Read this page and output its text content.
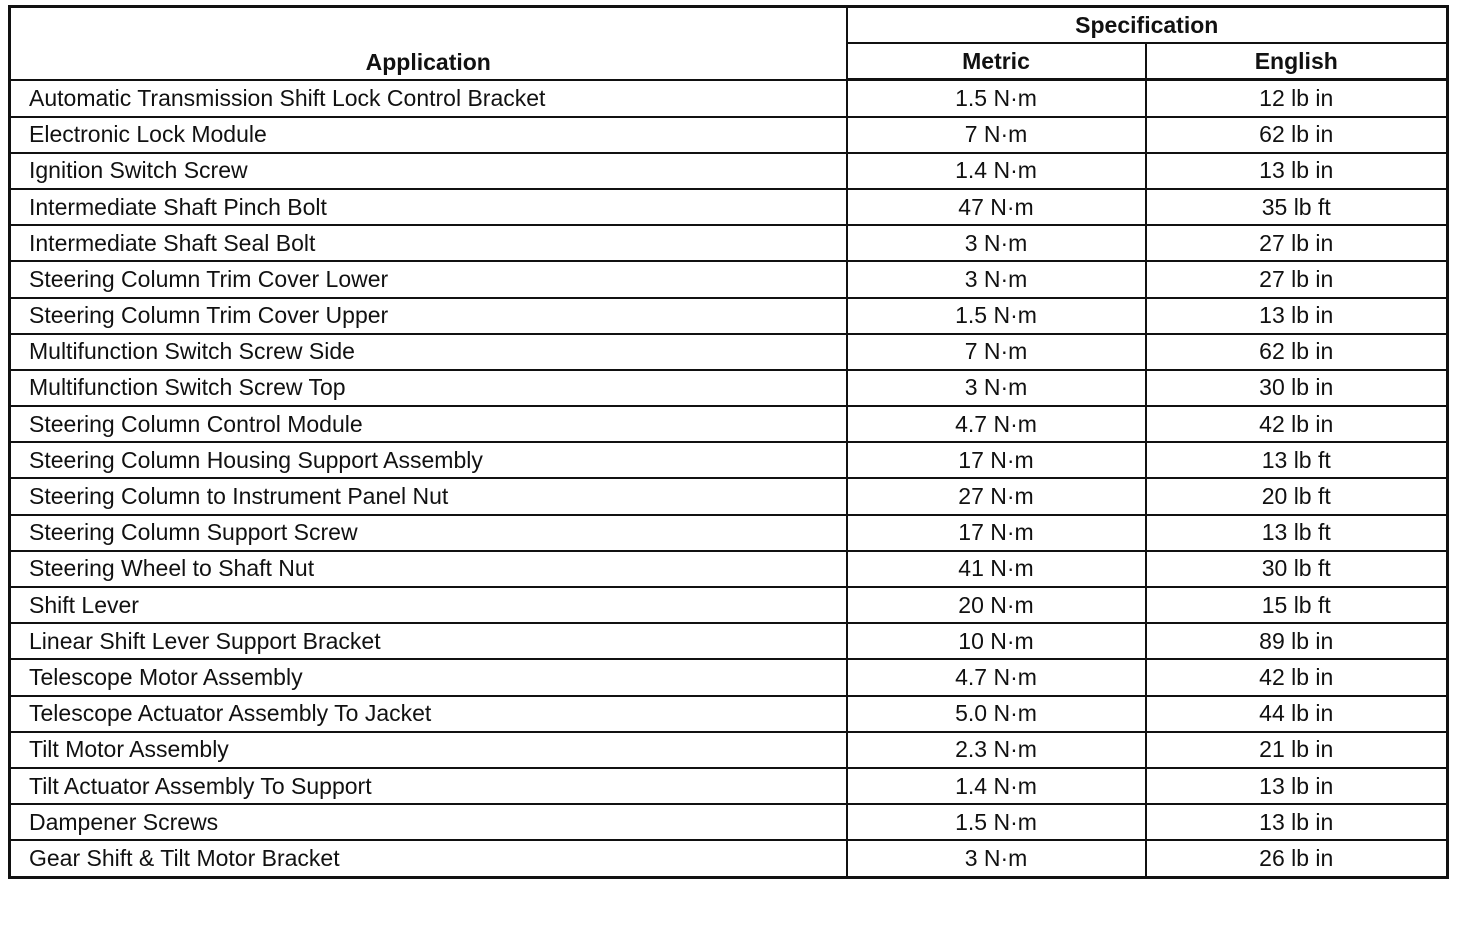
Application	Specification	
	Metric	English
Automatic Transmission Shift Lock Control Bracket	1.5 N·m	12 lb in
Electronic Lock Module	7 N·m	62 lb in
Ignition Switch Screw	1.4 N·m	13 lb in
Intermediate Shaft Pinch Bolt	47 N·m	35 lb ft
Intermediate Shaft Seal Bolt	3 N·m	27 lb in
Steering Column Trim Cover Lower	3 N·m	27 lb in
Steering Column Trim Cover Upper	1.5 N·m	13 lb in
Multifunction Switch Screw Side	7 N·m	62 lb in
Multifunction Switch Screw Top	3 N·m	30 lb in
Steering Column Control Module	4.7 N·m	42 lb in
Steering Column Housing Support Assembly	17 N·m	13 lb ft
Steering Column to Instrument Panel Nut	27 N·m	20 lb ft
Steering Column Support Screw	17 N·m	13 lb ft
Steering Wheel to Shaft Nut	41 N·m	30 lb ft
Shift Lever	20 N·m	15 lb ft
Linear Shift Lever Support Bracket	10 N·m	89 lb in
Telescope Motor Assembly	4.7 N·m	42 lb in
Telescope Actuator Assembly To Jacket	5.0 N·m	44 lb in
Tilt Motor Assembly	2.3 N·m	21 lb in
Tilt Actuator Assembly To Support	1.4 N·m	13 lb in
Dampener Screws	1.5 N·m	13 lb in
Gear Shift & Tilt Motor Bracket	3 N·m	26 lb in
